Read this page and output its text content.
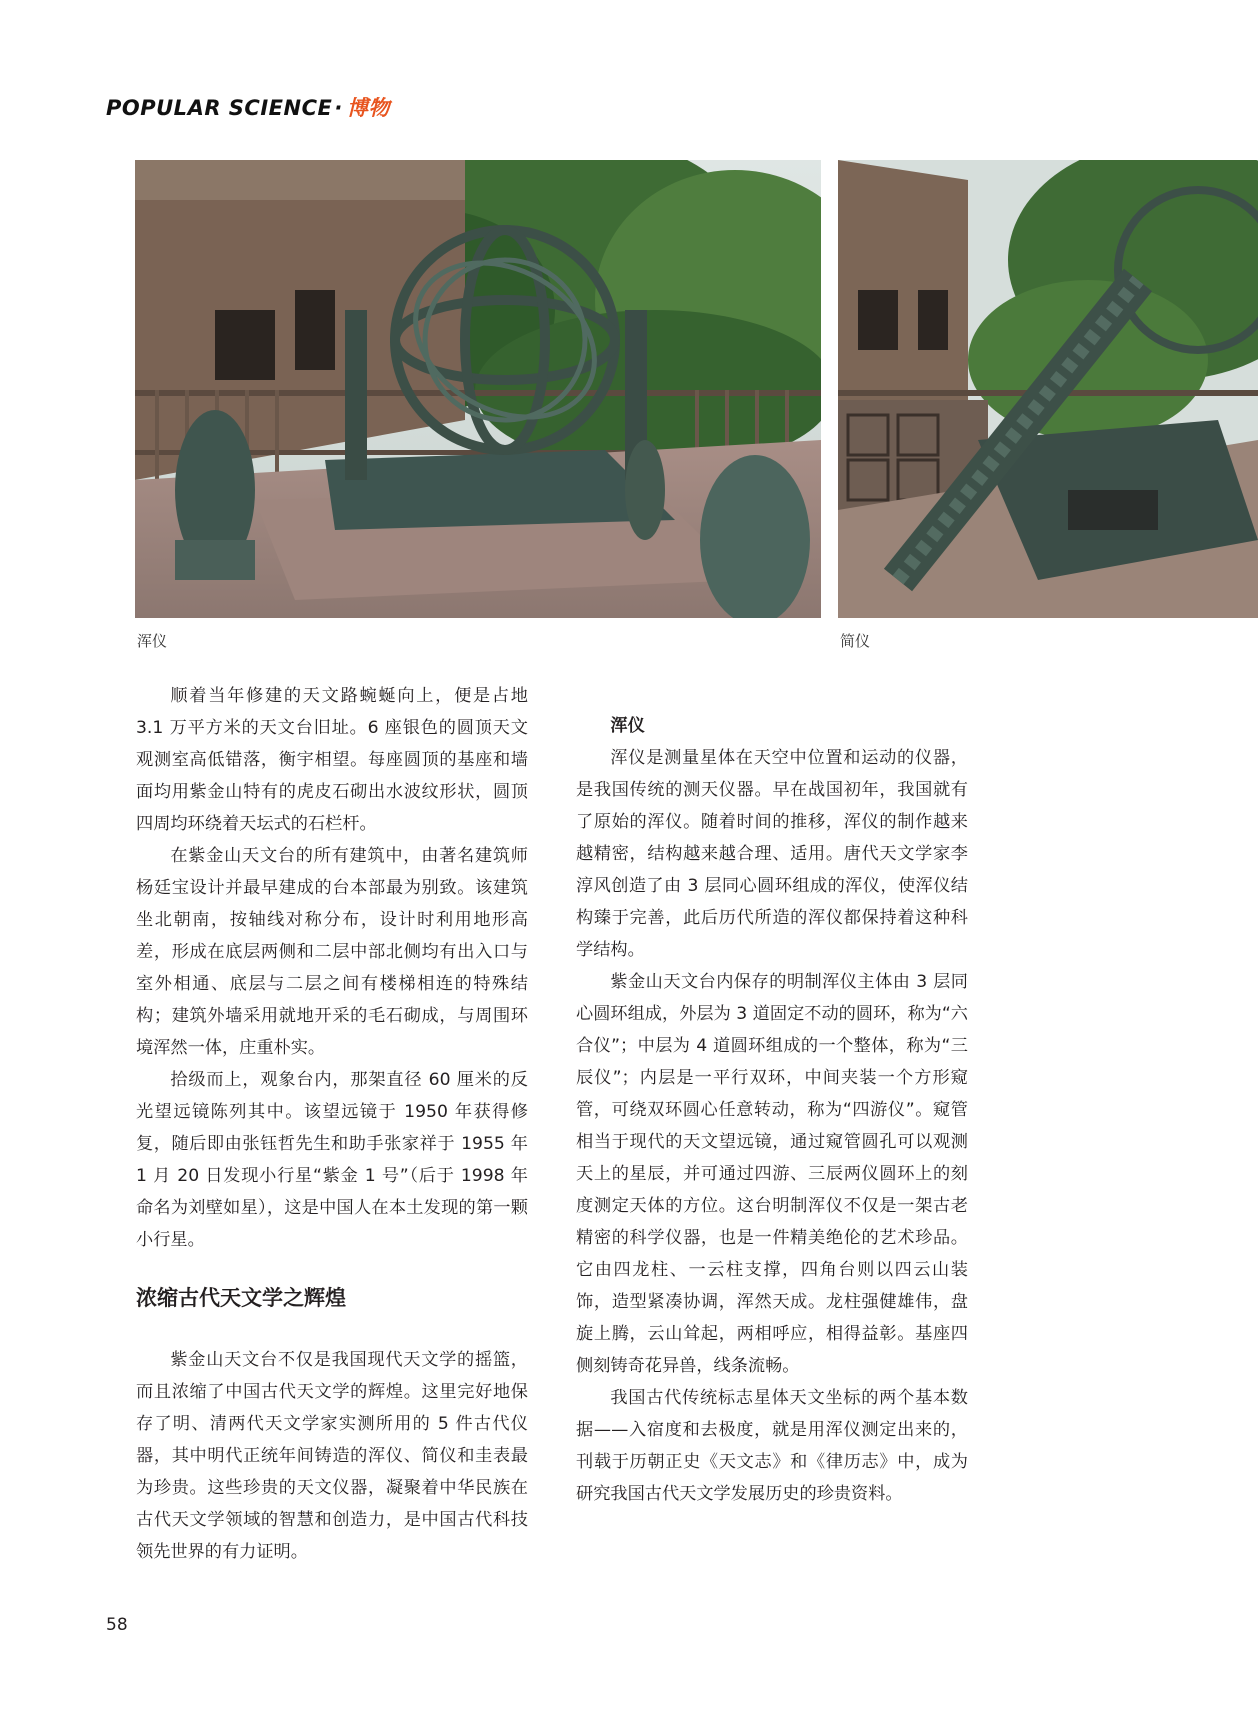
POPULAR SCIENCE· 博物
浑仪	简仪

顺着当年修建的天文路蜿蜒向上，便是占地 3.1 万平方米的天文台旧址。6 座银色的圆顶天文观测室高低错落，衡宇相望。每座圆顶的基座和墙面均用紫金山特有的虎皮石砌出水波纹形状，圆顶四周均环绕着天坛式的石栏杆。

在紫金山天文台的所有建筑中，由著名建筑师杨廷宝设计并最早建成的台本部最为别致。该建筑坐北朝南，按轴线对称分布，设计时利用地形高差，形成在底层两侧和二层中部北侧均有出入口与室外相通、底层与二层之间有楼梯相连的特殊结构；建筑外墙采用就地开采的毛石砌成，与周围环境浑然一体，庄重朴实。

拾级而上，观象台内，那架直径 60 厘米的反光望远镜陈列其中。该望远镜于 1950 年获得修复，随后即由张钰哲先生和助手张家祥于 1955 年 1 月 20 日发现小行星“紫金 1 号”（后于 1998 年命名为刘壁如星），这是中国人在本土发现的第一颗小行星。

浓缩古代天文学之辉煌

紫金山天文台不仅是我国现代天文学的摇篮，而且浓缩了中国古代天文学的辉煌。这里完好地保存了明、清两代天文学家实测所用的 5 件古代仪器，其中明代正统年间铸造的浑仪、简仪和圭表最为珍贵。这些珍贵的天文仪器，凝聚着中华民族在古代天文学领域的智慧和创造力，是中国古代科技领先世界的有力证明。

浑仪

浑仪是测量星体在天空中位置和运动的仪器，是我国传统的测天仪器。早在战国初年，我国就有了原始的浑仪。随着时间的推移，浑仪的制作越来越精密，结构越来越合理、适用。唐代天文学家李淳风创造了由 3 层同心圆环组成的浑仪，使浑仪结构臻于完善，此后历代所造的浑仪都保持着这种科学结构。

紫金山天文台内保存的明制浑仪主体由 3 层同心圆环组成，外层为 3 道固定不动的圆环，称为“六合仪”；中层为 4 道圆环组成的一个整体，称为“三辰仪”；内层是一平行双环，中间夹装一个方形窥管，可绕双环圆心任意转动，称为“四游仪”。窥管相当于现代的天文望远镜，通过窥管圆孔可以观测天上的星辰，并可通过四游、三辰两仪圆环上的刻度测定天体的方位。这台明制浑仪不仅是一架古老精密的科学仪器，也是一件精美绝伦的艺术珍品。它由四龙柱、一云柱支撑，四角台则以四云山装饰，造型紧凑协调，浑然天成。龙柱强健雄伟，盘旋上腾，云山耸起，两相呼应，相得益彰。基座四侧刻铸奇花异兽，线条流畅。

我国古代传统标志星体天文坐标的两个基本数据——入宿度和去极度，就是用浑仪测定出来的，刊载于历朝正史《天文志》和《律历志》中，成为研究我国古代天文学发展历史的珍贵资料。

58
